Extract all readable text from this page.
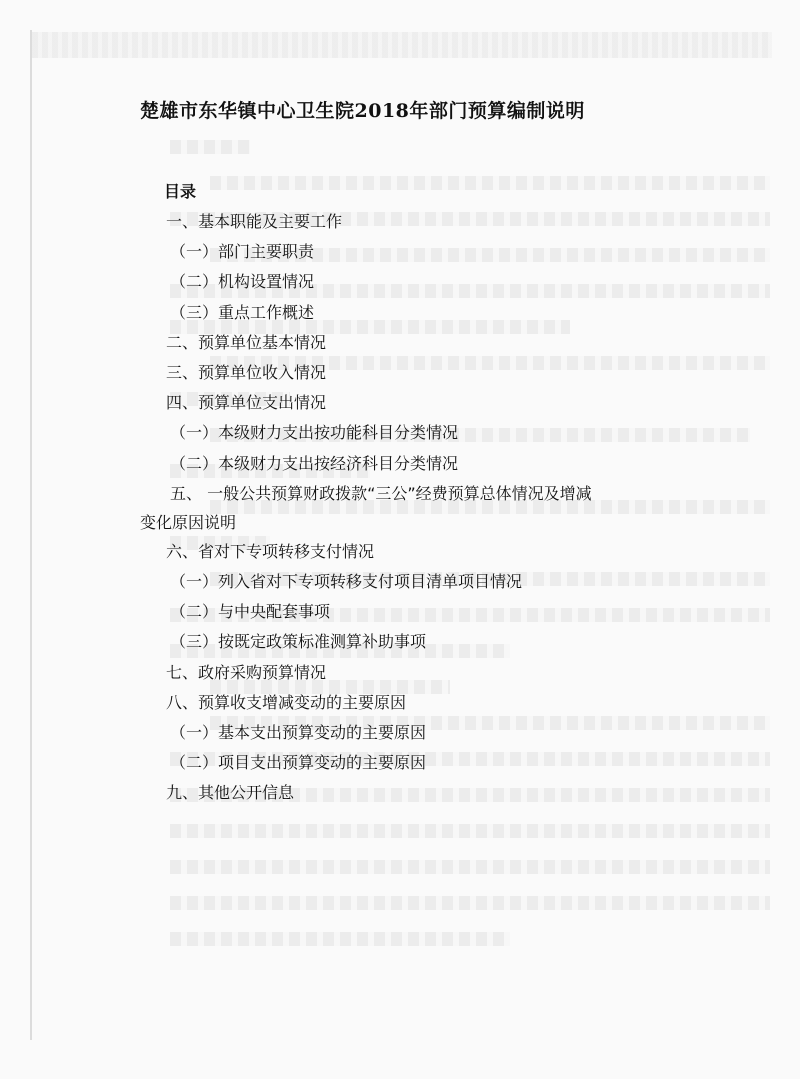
楚雄市东华镇中心卫生院2018年部门预算编制说明
目录
一、基本职能及主要工作
（一）部门主要职责
（二）机构设置情况
（三）重点工作概述
二、预算单位基本情况
三、预算单位收入情况
四、预算单位支出情况
（一）本级财力支出按功能科目分类情况
（二）本级财力支出按经济科目分类情况
五、 一般公共预算财政拨款“三公”经费预算总体情况及增减
变化原因说明
六、省对下专项转移支付情况
（一）列入省对下专项转移支付项目清单项目情况
（二）与中央配套事项
（三）按既定政策标准测算补助事项
七、政府采购预算情况
八、预算收支增减变动的主要原因
（一）基本支出预算变动的主要原因
（二）项目支出预算变动的主要原因
九、其他公开信息
